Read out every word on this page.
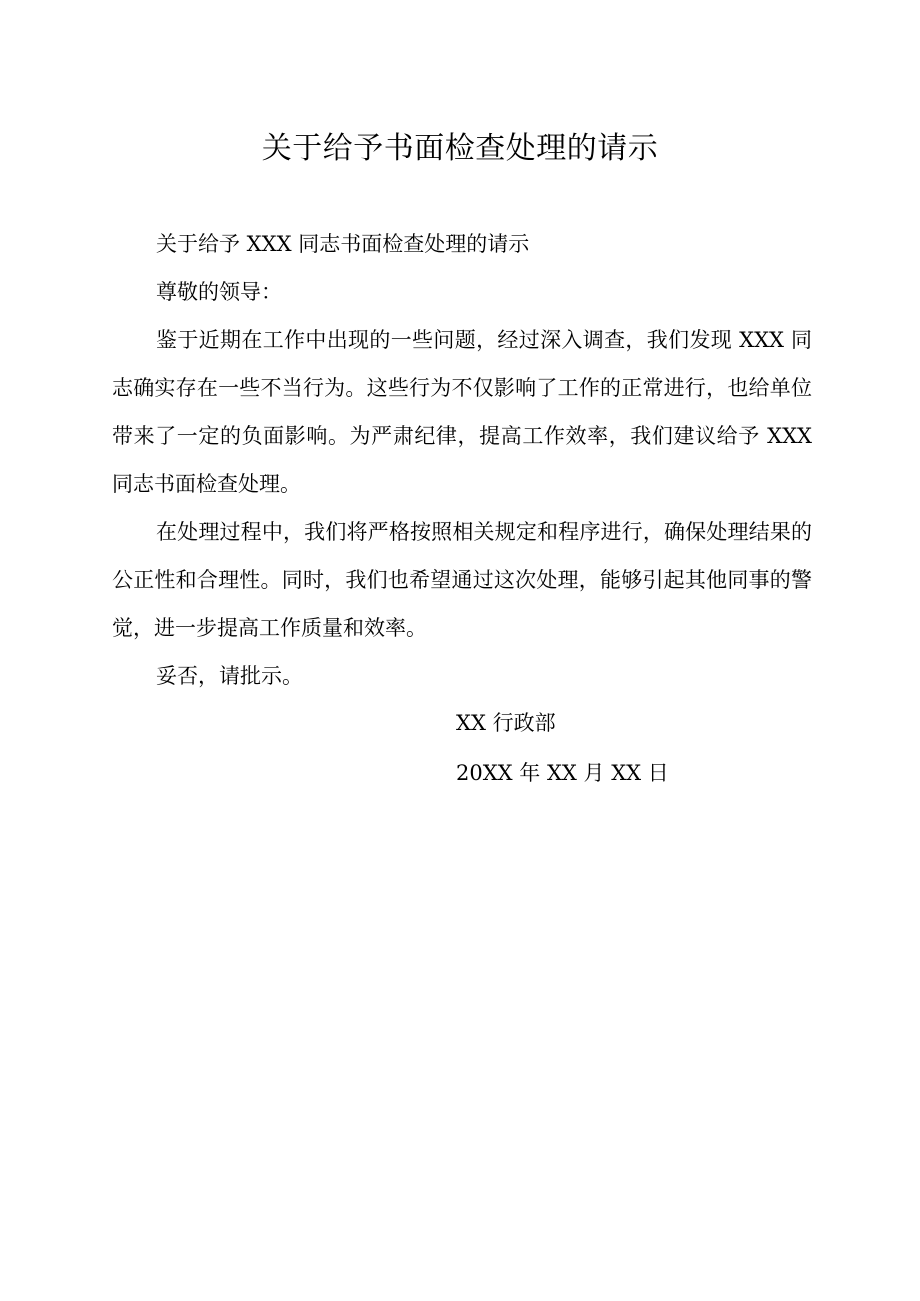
关于给予书面检查处理的请示

关于给予 XXX 同志书面检查处理的请示

尊敬的领导：

鉴于近期在工作中出现的一些问题，经过深入调查，我们发现 XXX 同志确实存在一些不当行为。这些行为不仅影响了工作的正常进行，也给单位带来了一定的负面影响。为严肃纪律，提高工作效率，我们建议给予 XXX 同志书面检查处理。

在处理过程中，我们将严格按照相关规定和程序进行，确保处理结果的公正性和合理性。同时，我们也希望通过这次处理，能够引起其他同事的警觉，进一步提高工作质量和效率。

妥否，请批示。

XX 行政部
20XX 年 XX 月 XX 日
